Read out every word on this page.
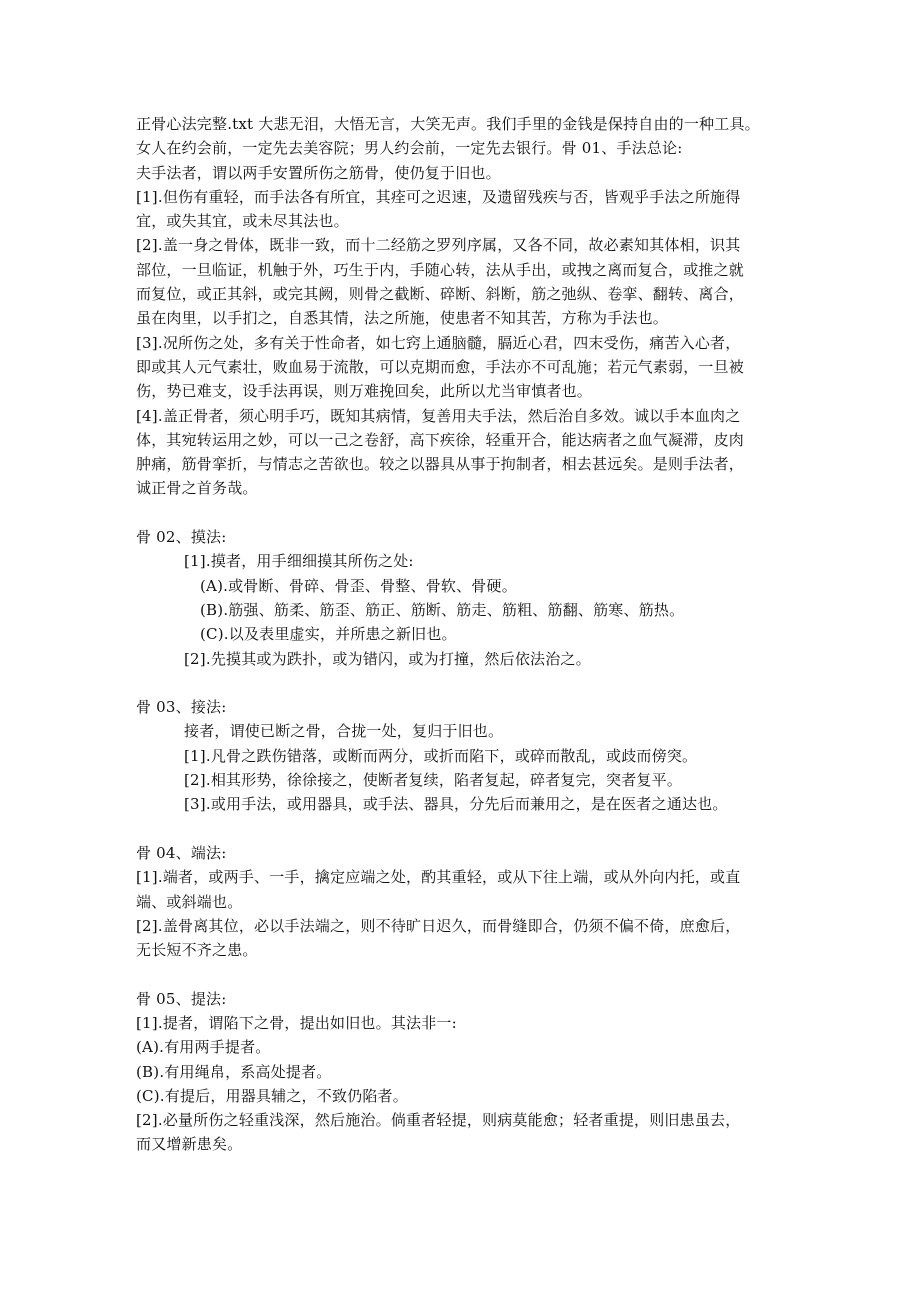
正骨心法完整.txt 大悲无泪，大悟无言，大笑无声。我们手里的金钱是保持自由的一种工具。
女人在约会前，一定先去美容院；男人约会前，一定先去银行。骨 01、手法总论:
夫手法者，谓以两手安置所伤之筋骨，使仍复于旧也。
[1].但伤有重轻，而手法各有所宜，其痊可之迟速，及遗留残疾与否，皆观乎手法之所施得
宜，或失其宜，或未尽其法也。
[2].盖一身之骨体，既非一致，而十二经筋之罗列序属，又各不同，故必素知其体相，识其
部位，一旦临证，机触于外，巧生于内，手随心转，法从手出，或拽之离而复合，或推之就
而复位，或正其斜，或完其阙，则骨之截断、碎断、斜断，筋之弛纵、卷挛、翻转、离合，
虽在肉里，以手扪之，自悉其情，法之所施，使患者不知其苦，方称为手法也。
[3].况所伤之处，多有关于性命者，如七窍上通脑髓，膈近心君，四末受伤，痛苦入心者，
即或其人元气素壮，败血易于流散，可以克期而愈，手法亦不可乱施；若元气素弱，一旦被
伤，势已难支，设手法再误，则万难挽回矣，此所以尤当审慎者也。
[4].盖正骨者，须心明手巧，既知其病情，复善用夫手法，然后治自多效。诚以手本血肉之
体，其宛转运用之妙，可以一己之卷舒，高下疾徐，轻重开合，能达病者之血气凝滞，皮肉
肿痛，筋骨挛折，与情志之苦欲也。较之以器具从事于拘制者，相去甚远矣。是则手法者，
诚正骨之首务哉。
骨 02、摸法:
[1].摸者，用手细细摸其所伤之处:
(A).或骨断、骨碎、骨歪、骨整、骨软、骨硬。
(B).筋强、筋柔、筋歪、筋正、筋断、筋走、筋粗、筋翻、筋寒、筋热。
(C).以及表里虚实，并所患之新旧也。
[2].先摸其或为跌扑，或为错闪，或为打撞，然后依法治之。
骨 03、接法:
接者，谓使已断之骨，合拢一处，复归于旧也。
[1].凡骨之跌伤错落，或断而两分，或折而陷下，或碎而散乱，或歧而傍突。
[2].相其形势，徐徐接之，使断者复续，陷者复起，碎者复完，突者复平。
[3].或用手法，或用器具，或手法、器具，分先后而兼用之，是在医者之通达也。
骨 04、端法:
[1].端者，或两手、一手，擒定应端之处，酌其重轻，或从下往上端，或从外向内托，或直
端、或斜端也。
[2].盖骨离其位，必以手法端之，则不待旷日迟久，而骨缝即合，仍须不偏不倚，庶愈后，
无长短不齐之患。
骨 05、提法:
[1].提者，谓陷下之骨，提出如旧也。其法非一:
(A).有用两手提者。
(B).有用绳帛，系高处提者。
(C).有提后，用器具辅之，不致仍陷者。
[2].必量所伤之轻重浅深，然后施治。倘重者轻提，则病莫能愈；轻者重提，则旧患虽去，
而又增新患矣。
